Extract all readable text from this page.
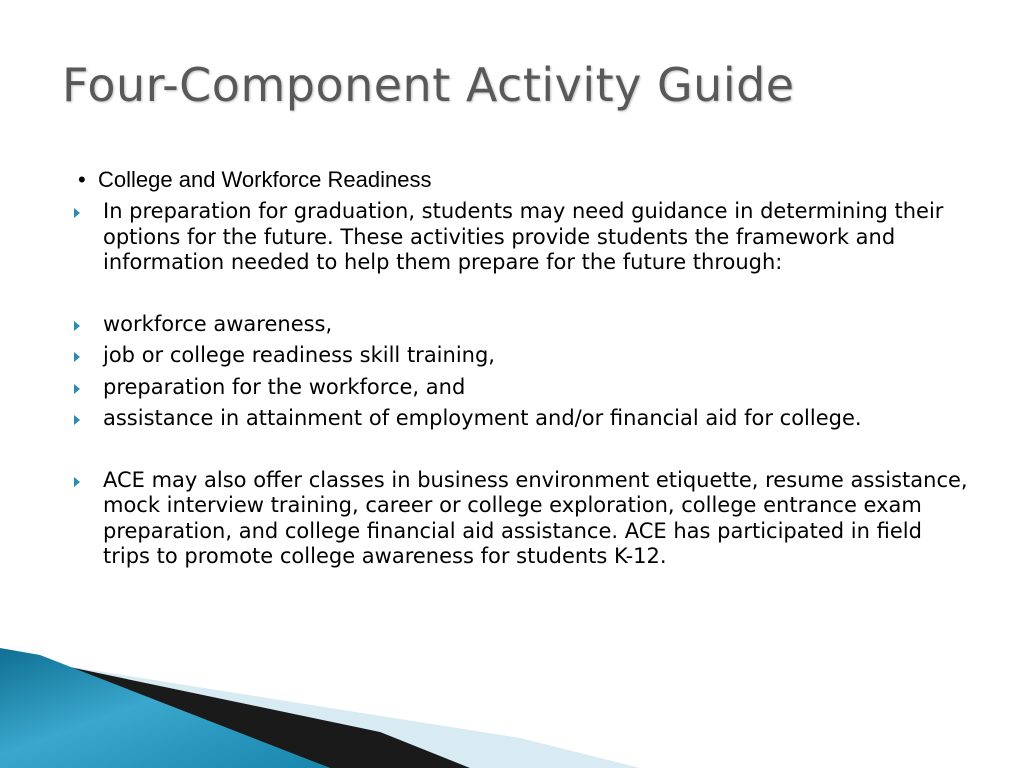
Four-Component Activity Guide
• College and Workforce Readiness
In preparation for graduation, students may need guidance in determining their options for the future. These activities provide students the framework and information needed to help them prepare for the future through:
workforce awareness,
job or college readiness skill training,
preparation for the workforce, and
assistance in attainment of employment and/or financial aid for college.
ACE may also offer classes in business environment etiquette, resume assistance, mock interview training, career or college exploration, college entrance exam preparation, and college financial aid assistance. ACE has participated in field trips to promote college awareness for students K-12.
